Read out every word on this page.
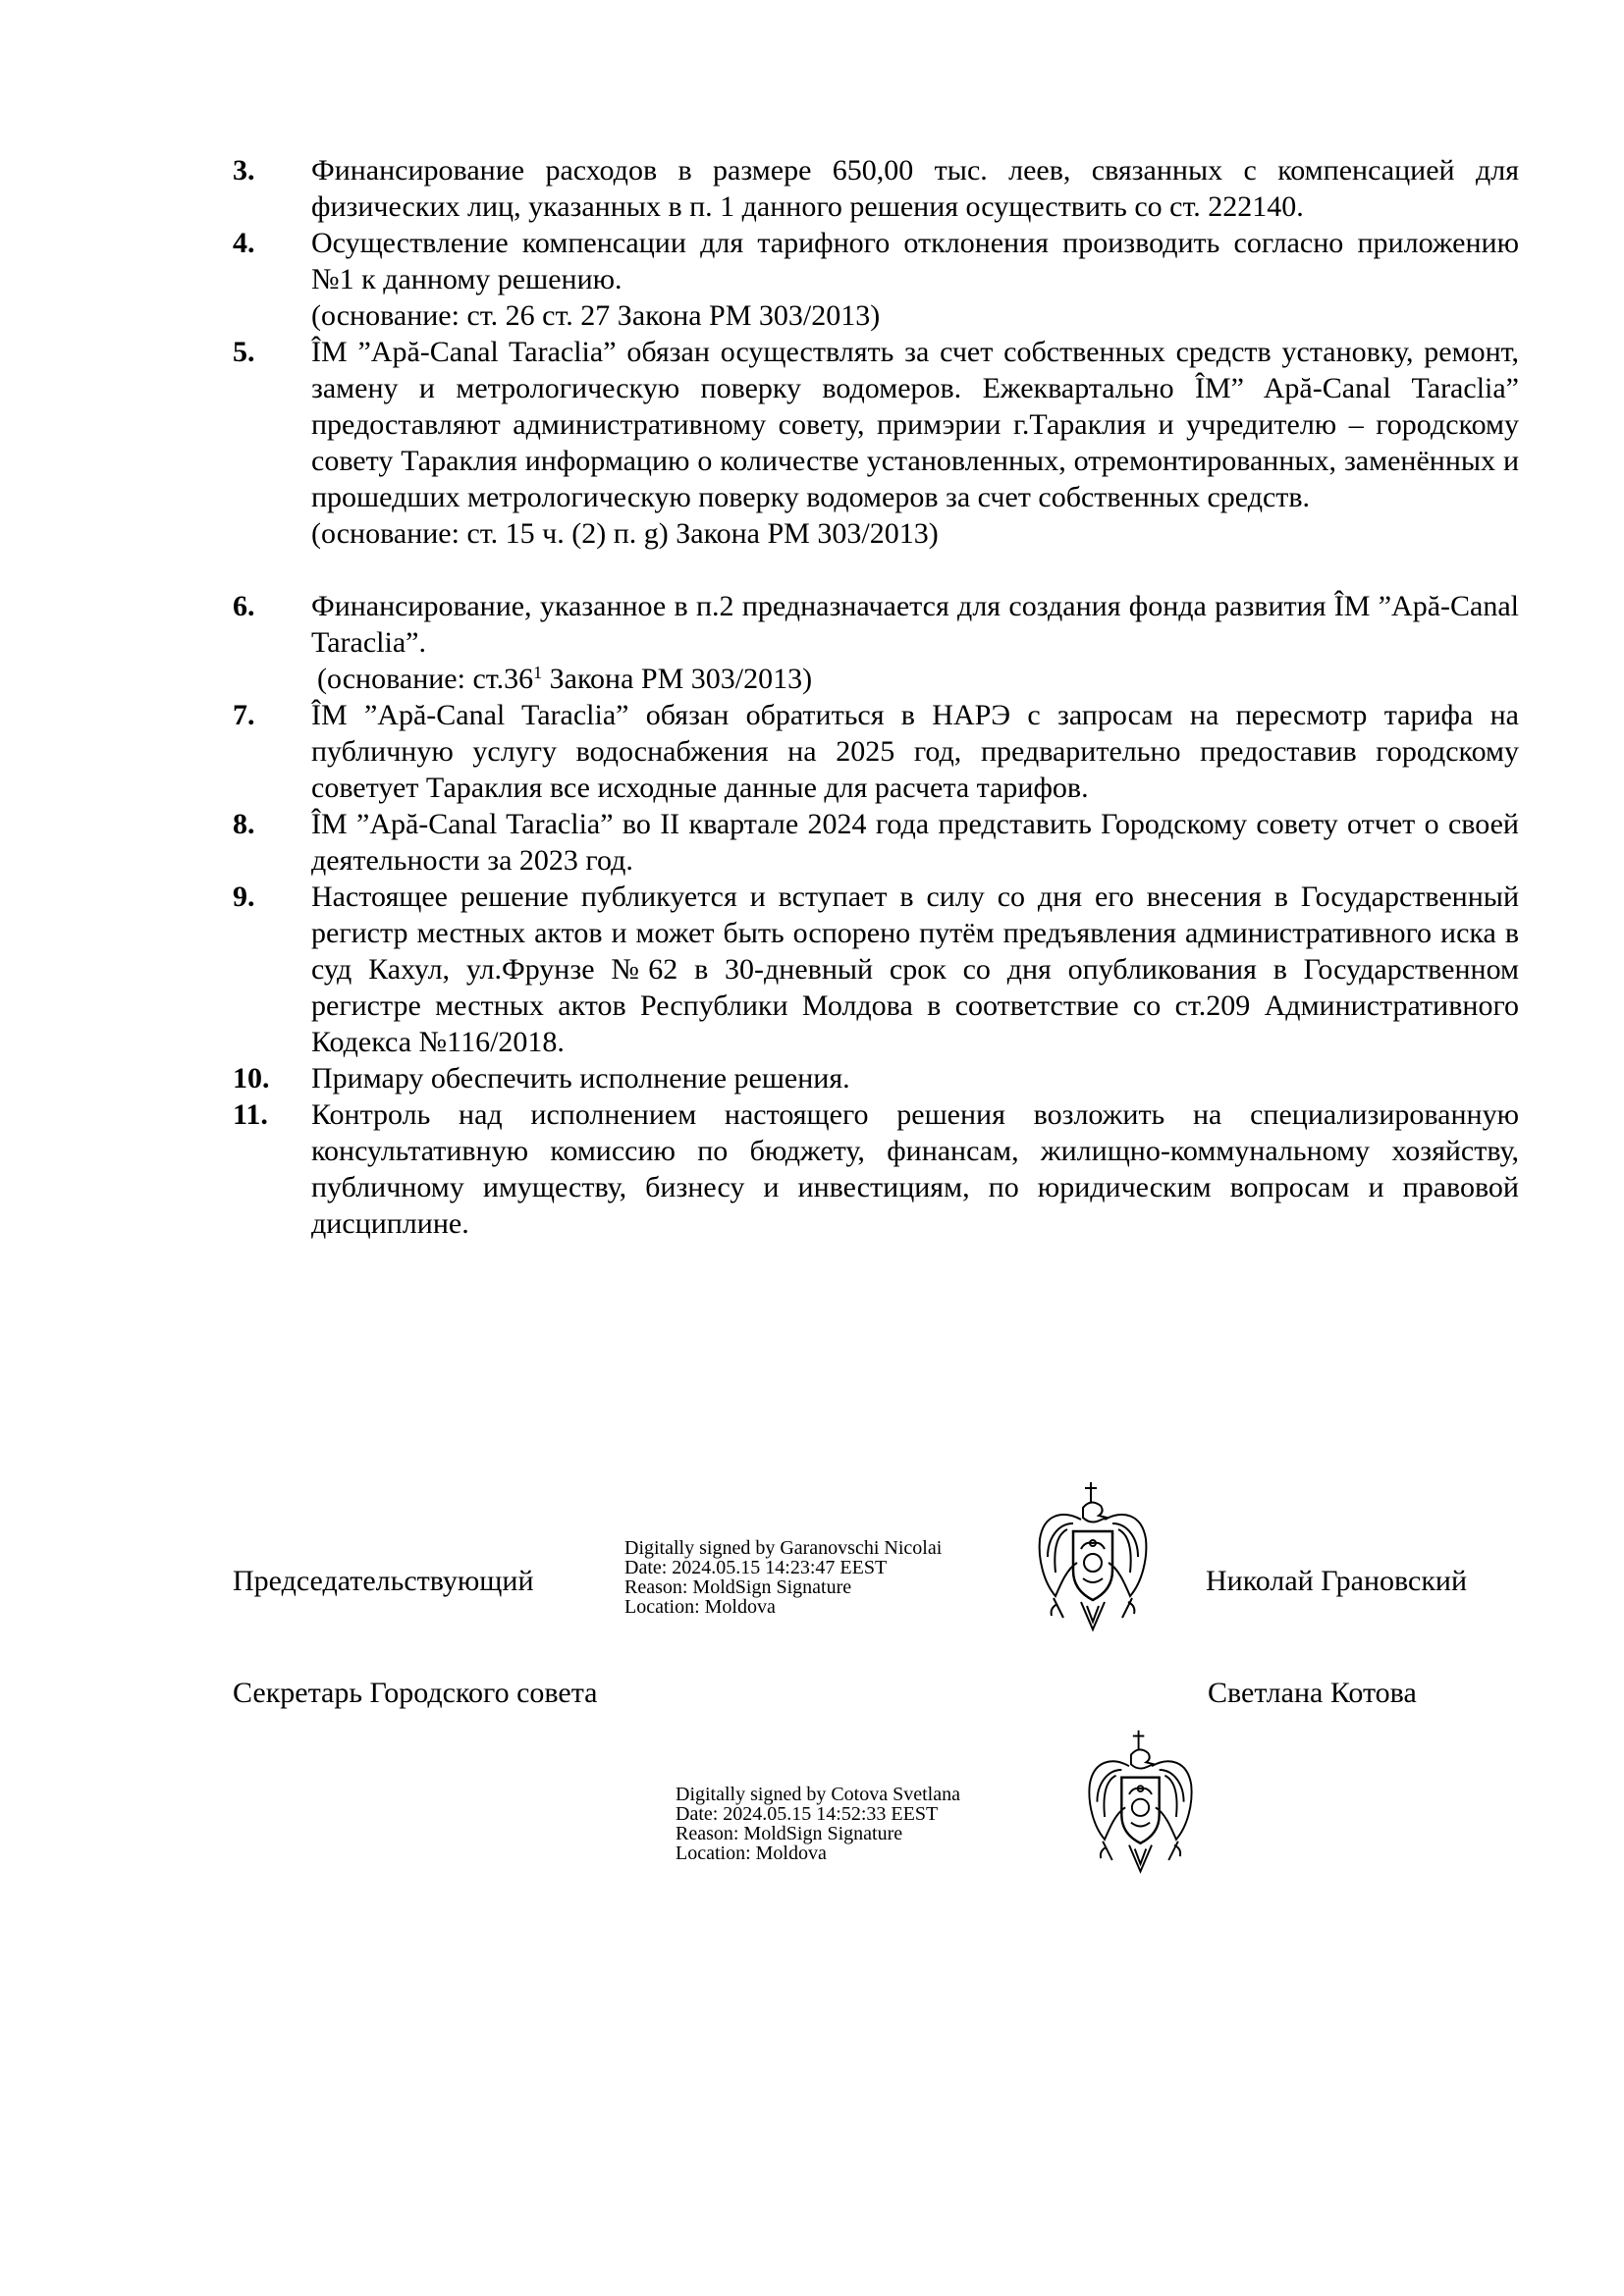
3.	Финансирование расходов в размере 650,00 тыс. леев, связанных с компенсацией для физических лиц, указанных в п. 1 данного решения осуществить со ст. 222140.
4.	Осуществление компенсации для тарифного отклонения производить согласно приложению №1 к данному решению.
(основание: ст. 26 ст. 27 Закона РМ 303/2013)
5.	ÎM ”Apă-Canal Taraclia” обязан осуществлять за счет собственных средств установку, ремонт, замену и метрологическую поверку водомеров. Ежеквартально ÎM” Apă-Canal Taraclia” предоставляют административному совету, примэрии г.Тараклия и учредителю – городскому совету Тараклия информацию о количестве установленных, отремонтированных, заменённых и прошедших метрологическую поверку водомеров за счет собственных средств.
(основание: ст. 15 ч. (2) п. g) Закона РМ 303/2013)
6.	Финансирование, указанное в п.2 предназначается для создания фонда развития ÎM ”Apă-Canal Taraclia”.
(основание: $ст.36^1$ Закона РМ 303/2013)
7.	ÎM ”Apă-Canal Taraclia” обязан обратиться в НАРЭ с запросам на пересмотр тарифа на публичную услугу водоснабжения на 2025 год, предварительно предоставив городскому советует Тараклия все исходные данные для расчета тарифов.
8.	ÎM ”Apă-Canal Taraclia” во II квартале 2024 года представить Городскому совету отчет о своей деятельности за 2023 год.
9.	Настоящее решение публикуется и вступает в силу со дня его внесения в Государственный регистр местных актов и может быть оспорено путём предъявления административного иска в суд Кахул, ул.Фрунзе №62 в 30-дневный срок со дня опубликования в Государственном регистре местных актов Республики Молдова в соответствие со ст.209 Административного Кодекса №116/2018.
10.	Примару обеспечить исполнение решения.
11.	Контроль над исполнением настоящего решения возложить на специализированную консультативную комиссию по бюджету, финансам, жилищно-коммунальному хозяйству, публичному имуществу, бизнесу и инвестициям, по юридическим вопросам и правовой дисциплине.
Председательствующий
Digitally signed by Garanovschi Nicolai
Date: 2024.05.15 14:23:47 EEST
Reason: MoldSign Signature
Location: Moldova
Николай Грановский
Секретарь Городского совета	Светлана Котова
Digitally signed by Cotova Svetlana
Date: 2024.05.15 14:52:33 EEST
Reason: MoldSign Signature
Location: Moldova
